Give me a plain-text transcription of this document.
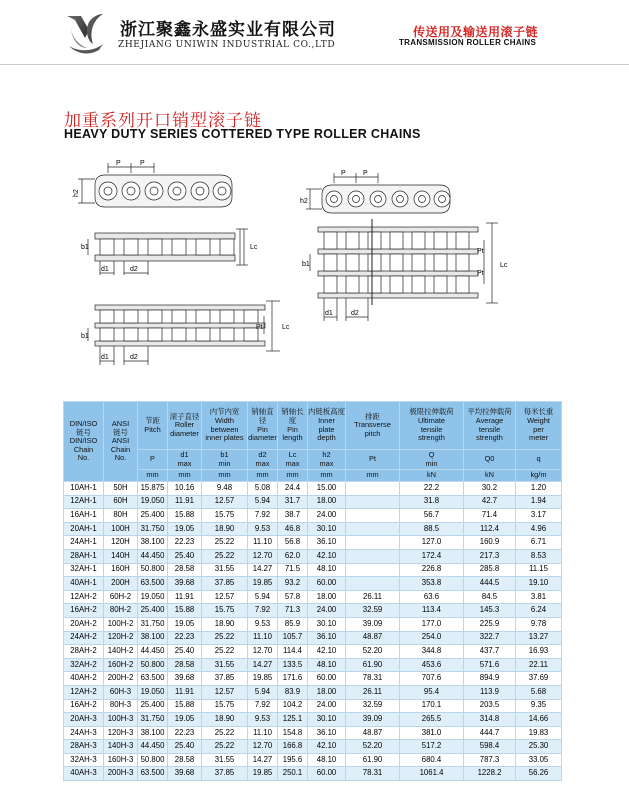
浙江聚鑫永盛实业有限公司
ZHEJIANG UNIWIN INDUSTRIAL CO.,LTD
传送用及输送用滚子链
TRANSMISSION ROLLER CHAINS
加重系列开口销型滚子链
HEAVY DUTY SERIES COTTERED TYPE ROLLER CHAINS
P	P
h2
b1	Lc
d1	d2
Pt	Lc
b1
d1	d2
P P
h2
Pt
Pt
Lc
b1
d1	d2
DIN/ISO
链号
DIN/ISO
Chain
No.	ANSI
链号
ANSI
Chain
No.	节距
Pitch	滚子直径
Roller
diameter	内节内宽
Width
between
inner plates	销轴直径
Pin
diameter	销轴长度
Pin
length	内链板高度
Inner
plate
depth	排距
Transverse
pitch	极限拉伸载荷
Ultimate
tensile
strength	平均拉伸载荷
Average
tensile
strength	每米长重
Weight
per
meter

		P	d1
max	b1
min	d2
max	Lc
max	h2
max	Pt	Q
min	Q0	q

		mm	mm	mm	mm	mm	mm	mm	kN	kN	kg/m
10AH-1	50H	15.875	10.16	9.48	5.08	24.4	15.00		22.2	30.2	1.20
12AH-1	60H	19.050	11.91	12.57	5.94	31.7	18.00		31.8	42.7	1.94
16AH-1	80H	25.400	15.88	15.75	7.92	38.7	24.00		56.7	71.4	3.17
20AH-1	100H	31.750	19.05	18.90	9.53	46.8	30.10		88.5	112.4	4.96
24AH-1	120H	38.100	22.23	25.22	11.10	56.8	36.10		127.0	160.9	6.71
28AH-1	140H	44.450	25.40	25.22	12.70	62.0	42.10		172.4	217.3	8.53
32AH-1	160H	50.800	28.58	31.55	14.27	71.5	48.10		226.8	285.8	11.15
40AH-1	200H	63.500	39.68	37.85	19.85	93.2	60.00		353.8	444.5	19.10
12AH-2	60H-2	19.050	11.91	12.57	5.94	57.8	18.00	26.11	63.6	84.5	3.81
16AH-2	80H-2	25.400	15.88	15.75	7.92	71.3	24.00	32.59	113.4	145.3	6.24
20AH-2	100H-2	31.750	19.05	18.90	9.53	85.9	30.10	39.09	177.0	225.9	9.78
24AH-2	120H-2	38.100	22.23	25.22	11.10	105.7	36.10	48.87	254.0	322.7	13.27
28AH-2	140H-2	44.450	25.40	25.22	12.70	114.4	42.10	52.20	344.8	437.7	16.93
32AH-2	160H-2	50.800	28.58	31.55	14.27	133.5	48.10	61.90	453.6	571.6	22.11
40AH-2	200H-2	63.500	39.68	37.85	19.85	171.6	60.00	78.31	707.6	894.9	37.69
12AH-2	60H-3	19.050	11.91	12.57	5.94	83.9	18.00	26.11	95.4	113.9	5.68
16AH-2	80H-3	25.400	15.88	15.75	7.92	104.2	24.00	32.59	170.1	203.5	9.35
20AH-3	100H-3	31.750	19.05	18.90	9.53	125.1	30.10	39.09	265.5	314.8	14.66
24AH-3	120H-3	38.100	22.23	25.22	11.10	154.8	36.10	48.87	381.0	444.7	19.83
28AH-3	140H-3	44.450	25.40	25.22	12.70	166.8	42.10	52.20	517.2	598.4	25.30
32AH-3	160H-3	50.800	28.58	31.55	14.27	195.6	48.10	61.90	680.4	787.3	33.05
40AH-3	200H-3	63.500	39.68	37.85	19.85	250.1	60.00	78.31	1061.4	1228.2	56.26
